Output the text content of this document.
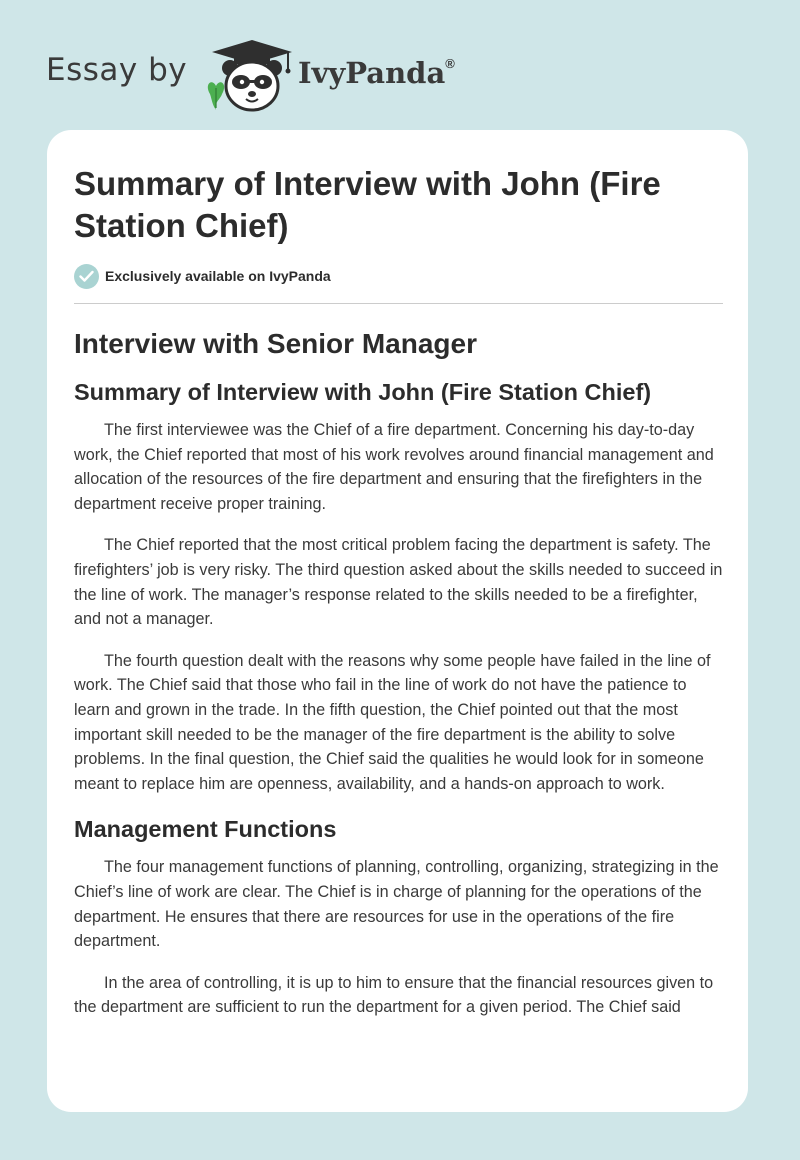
Essay by	IvyPanda®
Summary of Interview with John (Fire Station Chief)
Exclusively available on IvyPanda
Interview with Senior Manager
Summary of Interview with John (Fire Station Chief)

The first interviewee was the Chief of a fire department. Concerning his day-to-day work, the Chief reported that most of his work revolves around financial management and allocation of the resources of the fire department and ensuring that the firefighters in the department receive proper training.

The Chief reported that the most critical problem facing the department is safety. The firefighters’ job is very risky. The third question asked about the skills needed to succeed in the line of work. The manager’s response related to the skills needed to be a firefighter, and not a manager.

The fourth question dealt with the reasons why some people have failed in the line of work. The Chief said that those who fail in the line of work do not have the patience to learn and grown in the trade. In the fifth question, the Chief pointed out that the most important skill needed to be the manager of the fire department is the ability to solve problems. In the final question, the Chief said the qualities he would look for in someone meant to replace him are openness, availability, and a hands-on approach to work.

Management Functions

The four management functions of planning, controlling, organizing, strategizing in the Chief’s line of work are clear. The Chief is in charge of planning for the operations of the department. He ensures that there are resources for use in the operations of the fire department.

In the area of controlling, it is up to him to ensure that the financial resources given to the department are sufficient to run the department for a given period. The Chief said
